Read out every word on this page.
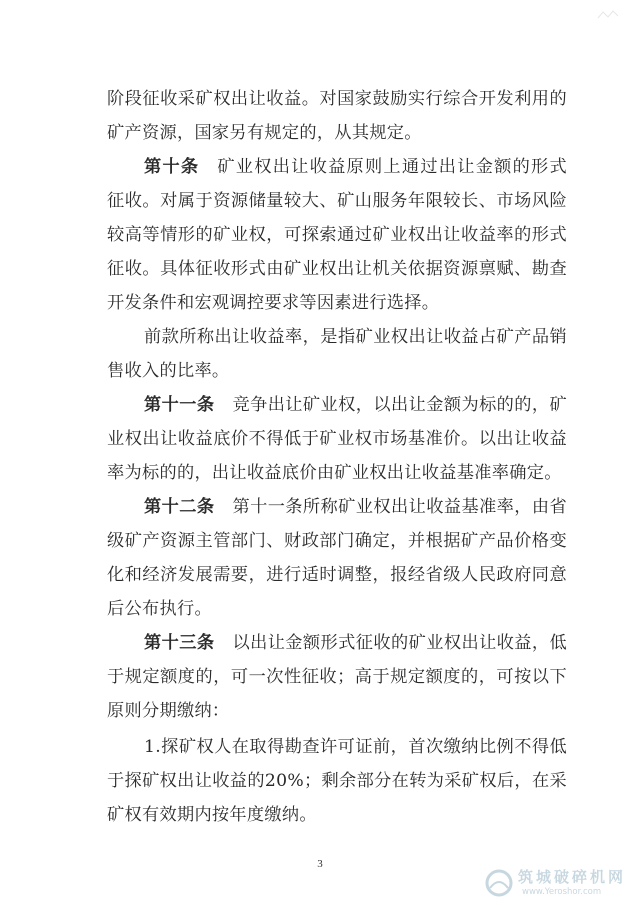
阶段征收采矿权出让收益。对国家鼓励实行综合开发利用的
矿产资源，国家另有规定的，从其规定。
第十条 矿业权出让收益原则上通过出让金额的形式
征收。对属于资源储量较大、矿山服务年限较长、市场风险
较高等情形的矿业权，可探索通过矿业权出让收益率的形式
征收。具体征收形式由矿业权出让机关依据资源禀赋、勘查
开发条件和宏观调控要求等因素进行选择。
前款所称出让收益率，是指矿业权出让收益占矿产品销
售收入的比率。
第十一条 竞争出让矿业权，以出让金额为标的的，矿
业权出让收益底价不得低于矿业权市场基准价。以出让收益
率为标的的，出让收益底价由矿业权出让收益基准率确定。
第十二条 第十一条所称矿业权出让收益基准率，由省
级矿产资源主管部门、财政部门确定，并根据矿产品价格变
化和经济发展需要，进行适时调整，报经省级人民政府同意
后公布执行。
第十三条 以出让金额形式征收的矿业权出让收益，低
于规定额度的，可一次性征收；高于规定额度的，可按以下
原则分期缴纳：
1.探矿权人在取得勘查许可证前，首次缴纳比例不得低
于探矿权出让收益的20%；剩余部分在转为采矿权后，在采
矿权有效期内按年度缴纳。
3
筑城破碎机网
www.Yeroshor.com
